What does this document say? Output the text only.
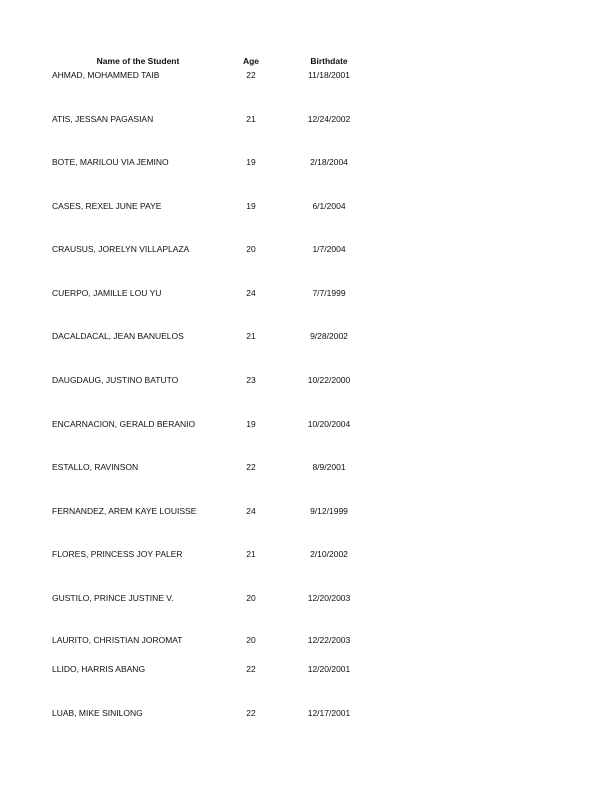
Name of the Student	Age	Birthdate
AHMAD, MOHAMMED TAIB	22	11/18/2001
ATIS, JESSAN PAGASIAN	21	12/24/2002
BOTE, MARILOU VIA JEMINO	19	2/18/2004
CASES, REXEL JUNE PAYE	19	6/1/2004
CRAUSUS, JORELYN VILLAPLAZA	20	1/7/2004
CUERPO, JAMILLE LOU YU	24	7/7/1999
DACALDACAL, JEAN BANUELOS	21	9/28/2002
DAUGDAUG, JUSTINO BATUTO	23	10/22/2000
ENCARNACION, GERALD BERANIO	19	10/20/2004
ESTALLO, RAVINSON	22	8/9/2001
FERNANDEZ, AREM KAYE LOUISSE	24	9/12/1999
FLORES, PRINCESS JOY PALER	21	2/10/2002
GUSTILO, PRINCE JUSTINE V.	20	12/20/2003
LAURITO, CHRISTIAN JOROMAT	20	12/22/2003
LLIDO, HARRIS ABANG	22	12/20/2001
LUAB, MIKE SINILONG	22	12/17/2001
